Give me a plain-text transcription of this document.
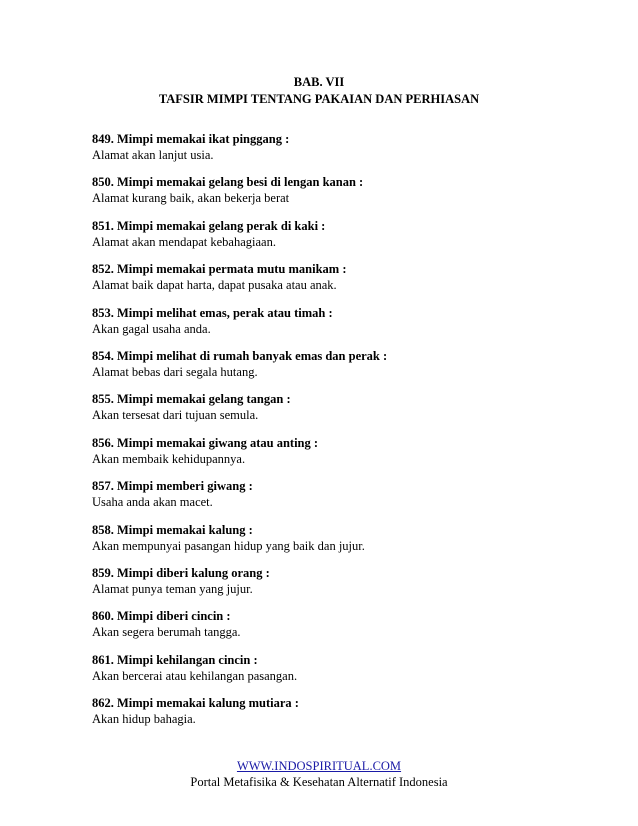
BAB. VII
TAFSIR MIMPI TENTANG PAKAIAN DAN PERHIASAN
849. Mimpi memakai ikat pinggang :
Alamat akan lanjut usia.
850. Mimpi memakai gelang besi di lengan kanan :
Alamat kurang baik, akan bekerja berat
851. Mimpi memakai gelang perak di kaki :
Alamat akan mendapat kebahagiaan.
852. Mimpi memakai permata mutu manikam :
Alamat baik dapat harta, dapat pusaka atau anak.
853. Mimpi melihat emas, perak atau timah :
Akan gagal usaha anda.
854. Mimpi melihat di rumah banyak emas dan perak :
Alamat bebas dari segala hutang.
855. Mimpi memakai gelang tangan :
Akan tersesat dari tujuan semula.
856. Mimpi memakai giwang atau anting :
Akan membaik kehidupannya.
857. Mimpi memberi giwang :
Usaha anda akan macet.
858. Mimpi memakai kalung :
Akan mempunyai pasangan hidup yang baik dan jujur.
859. Mimpi diberi kalung orang :
Alamat punya teman yang jujur.
860. Mimpi diberi cincin :
Akan segera berumah tangga.
861. Mimpi kehilangan cincin :
Akan bercerai atau kehilangan pasangan.
862. Mimpi memakai kalung mutiara :
Akan hidup bahagia.
WWW.INDOSPIRITUAL.COM
Portal Metafisika & Kesehatan Alternatif Indonesia
